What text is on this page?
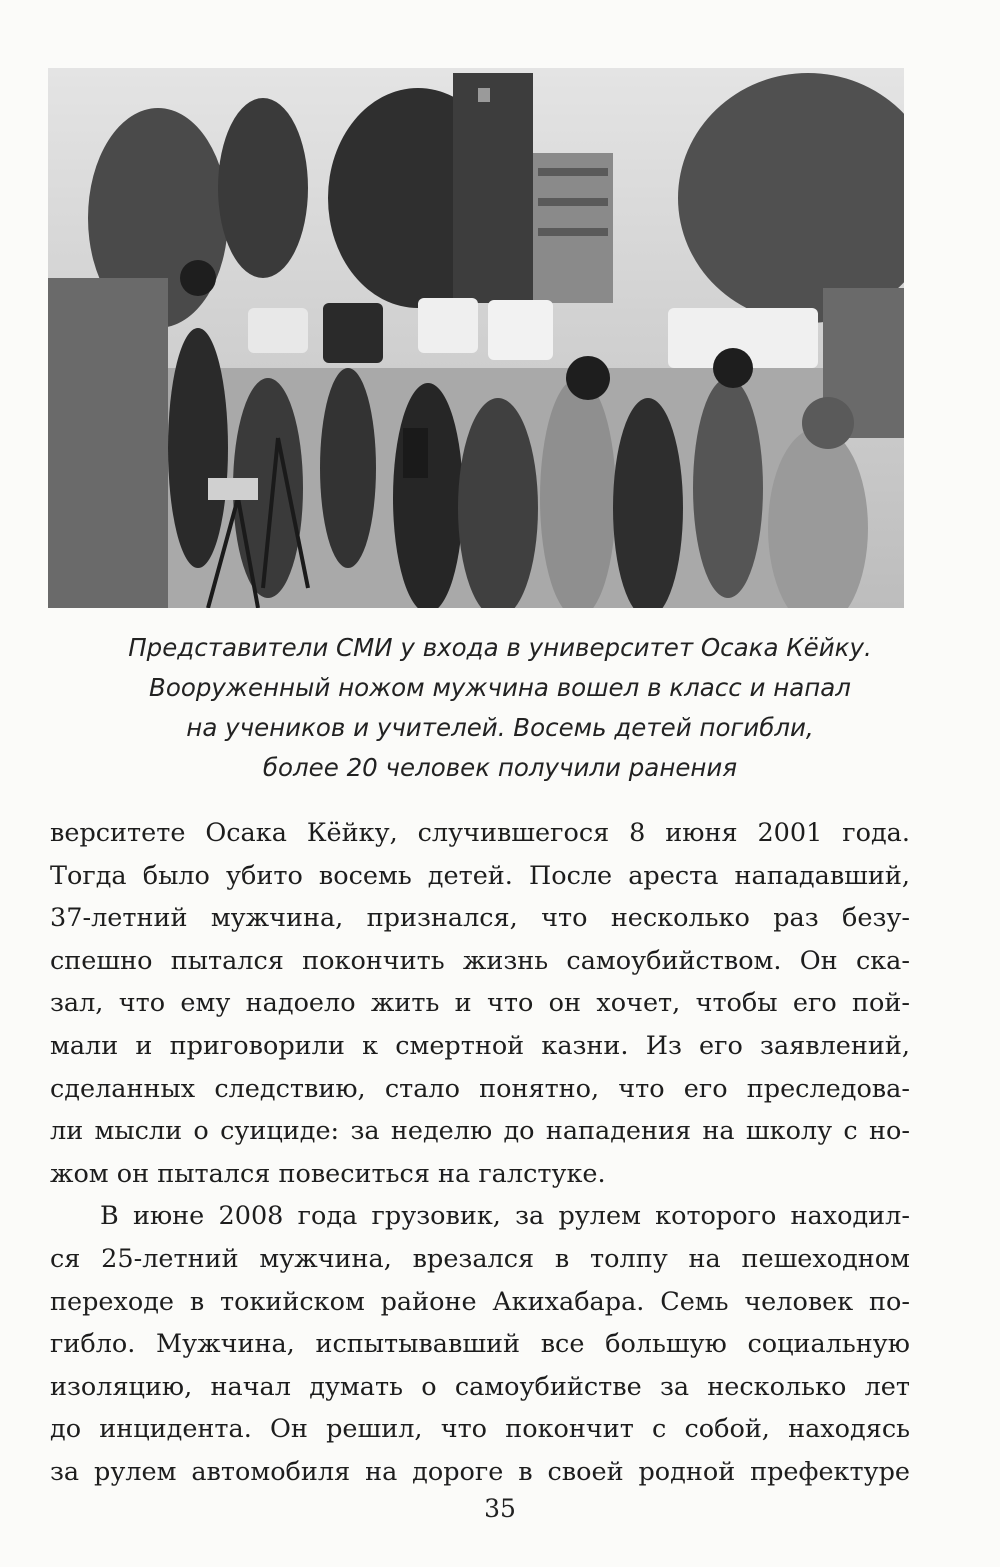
Представители СМИ у входа в университет Осака Кёйку.
Вооруженный ножом мужчина вошел в класс и напал
на учеников и учителей. Восемь детей погибли,
более 20 человек получили ранения
верситете Осака Кёйку, случившегося 8 июня 2001 года.
Тогда было убито восемь детей. После ареста нападавший,
37-летний мужчина, признался, что несколько раз безу-
спешно пытался покончить жизнь самоубийством. Он ска-
зал, что ему надоело жить и что он хочет, чтобы его пой-
мали и приговорили к смертной казни. Из его заявлений,
сделанных следствию, стало понятно, что его преследова-
ли мысли о суициде: за неделю до нападения на школу с но-
жом он пытался повеситься на галстуке.
В июне 2008 года грузовик, за рулем которого находил-
ся 25-летний мужчина, врезался в толпу на пешеходном
переходе в токийском районе Акихабара. Семь человек по-
гибло. Мужчина, испытывавший все большую социальную
изоляцию, начал думать о самоубийстве за несколько лет
до инцидента. Он решил, что покончит с собой, находясь
за рулем автомобиля на дороге в своей родной префектуре
35
